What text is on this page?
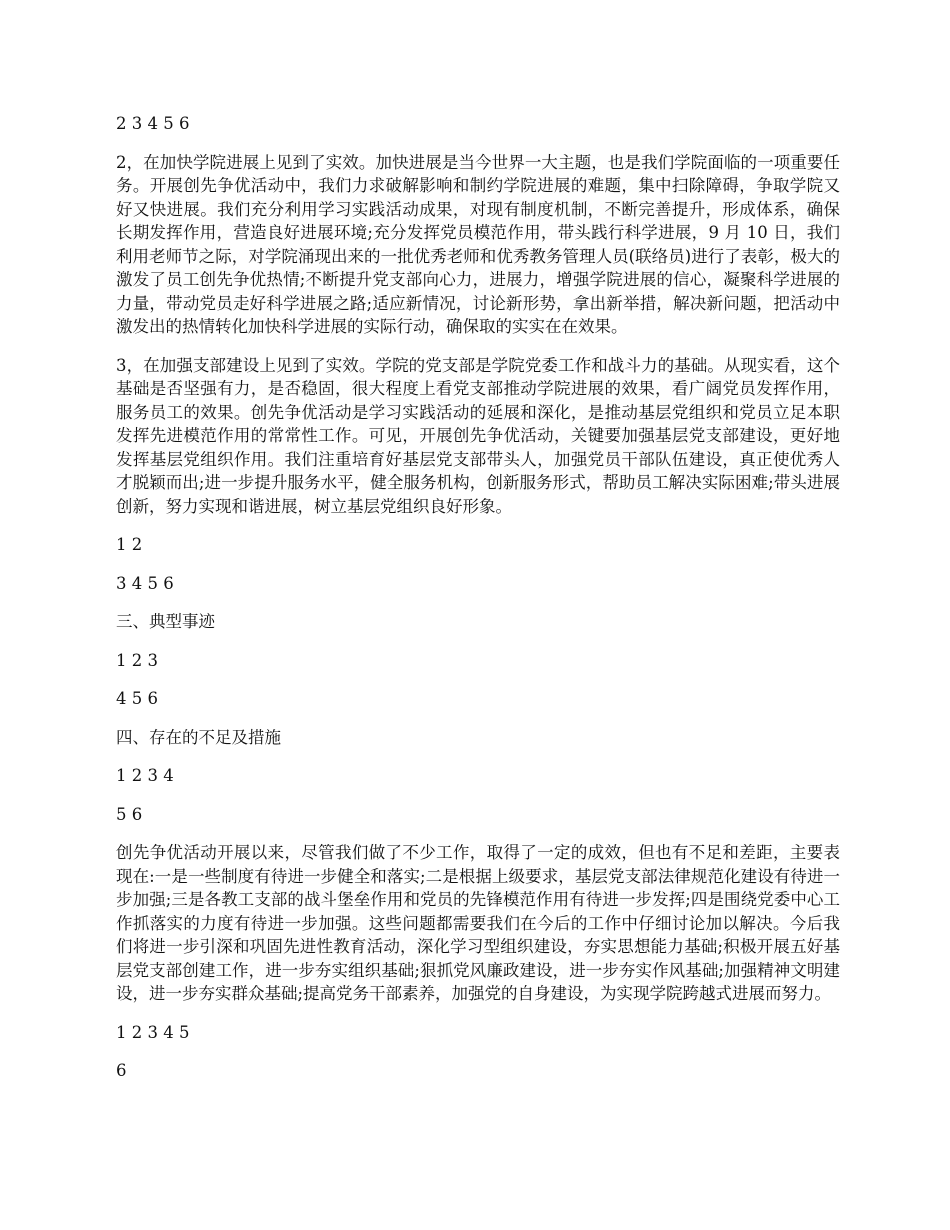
2 3 4 5 6
2，在加快学院进展上见到了实效。加快进展是当今世界一大主题，也是我们学院面临的一项重要任务。开展创先争优活动中，我们力求破解影响和制约学院进展的难题，集中扫除障碍，争取学院又好又快进展。我们充分利用学习实践活动成果，对现有制度机制，不断完善提升，形成体系，确保长期发挥作用，营造良好进展环境;充分发挥党员模范作用，带头践行科学进展，9 月 10 日，我们利用老师节之际，对学院涌现出来的一批优秀老师和优秀教务管理人员(联络员)进行了表彰，极大的激发了员工创先争优热情;不断提升党支部向心力，进展力，增强学院进展的信心，凝聚科学进展的力量，带动党员走好科学进展之路;适应新情况，讨论新形势，拿出新举措，解决新问题，把活动中激发出的热情转化加快科学进展的实际行动，确保取的实实在在效果。
3，在加强支部建设上见到了实效。学院的党支部是学院党委工作和战斗力的基础。从现实看，这个基础是否坚强有力，是否稳固，很大程度上看党支部推动学院进展的效果，看广阔党员发挥作用，服务员工的效果。创先争优活动是学习实践活动的延展和深化，是推动基层党组织和党员立足本职发挥先进模范作用的常常性工作。可见，开展创先争优活动，关键要加强基层党支部建设，更好地发挥基层党组织作用。我们注重培育好基层党支部带头人，加强党员干部队伍建设，真正使优秀人才脱颖而出;进一步提升服务水平，健全服务机构，创新服务形式，帮助员工解决实际困难;带头进展创新，努力实现和谐进展，树立基层党组织良好形象。
1 2
3 4 5 6
三、典型事迹
1 2 3
4 5 6
四、存在的不足及措施
1 2 3 4
5 6
创先争优活动开展以来，尽管我们做了不少工作，取得了一定的成效，但也有不足和差距，主要表现在:一是一些制度有待进一步健全和落实;二是根据上级要求，基层党支部法律规范化建设有待进一步加强;三是各教工支部的战斗堡垒作用和党员的先锋模范作用有待进一步发挥;四是围绕党委中心工作抓落实的力度有待进一步加强。这些问题都需要我们在今后的工作中仔细讨论加以解决。今后我们将进一步引深和巩固先进性教育活动，深化学习型组织建设，夯实思想能力基础;积极开展五好基层党支部创建工作，进一步夯实组织基础;狠抓党风廉政建设，进一步夯实作风基础;加强精神文明建设，进一步夯实群众基础;提高党务干部素养，加强党的自身建设，为实现学院跨越式进展而努力。
1 2 3 4 5
6
